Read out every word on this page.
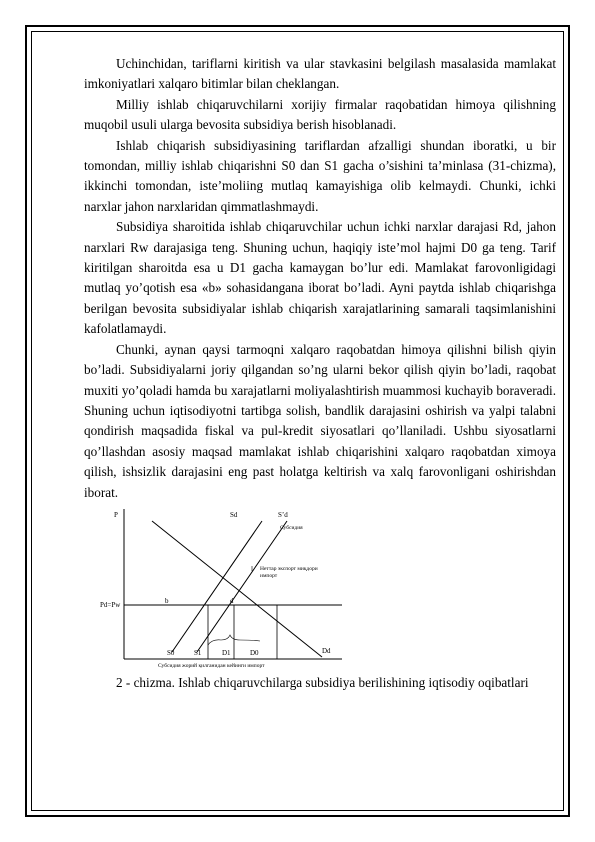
Uchinchidan, tariflarni kiritish va ular stavkasini belgilash masalasida mamlakat imkoniyatlari xalqaro bitimlar bilan cheklangan.

Milliy ishlab chiqaruvchilarni xorijiy firmalar raqobatidan himoya qilishning muqobil usuli ularga bevosita subsidiya berish hisoblanadi.

Ishlab chiqarish subsidiyasining tariflardan afzalligi shundan iboratki, u bir tomondan, milliy ishlab chiqarishni S0 dan S1 gacha o’sishini ta’minlasa (31-chizma), ikkinchi tomondan, iste’moliing mutlaq kamayishiga olib kelmaydi. Chunki, ichki narxlar jahon narxlaridan qimmatlashmaydi.

Subsidiya sharoitida ishlab chiqaruvchilar uchun ichki narxlar darajasi Rd, jahon narxlari Rw darajasiga teng. Shuning uchun, haqiqiy iste’mol hajmi D0 ga teng. Tarif kiritilgan sharoitda esa u D1 gacha kamaygan bo’lur edi. Mamlakat farovonligidagi mutlaq yo’qotish esa «b» sohasidangana iborat bo’ladi. Ayni paytda ishlab chiqarishga berilgan bevosita subsidiyalar ishlab chiqarish xarajatlarining samarali taqsimlanishini kafolatlamaydi.

Chunki, aynan qaysi tarmoqni xalqaro raqobatdan himoya qilishni bilish qiyin bo’ladi. Subsidiyalarni joriy qilgandan so’ng ularni bekor qilish qiyin bo’ladi, raqobat muxiti yo’qoladi hamda bu xarajatlarni moliyalashtirish muammosi kuchayib boraveradi. Shuning uchun iqtisodiyotni tartibga solish, bandlik darajasini oshirish va yalpi talabni qondirish maqsadida fiskal va pul-kredit siyosatlari qo’llaniladi. Ushbu siyosatlarni qo’llashdan asosiy maqsad mamlakat ishlab chiqarishini xalqaro raqobatdan ximoya qilish, ishsizlik darajasini eng past holatga keltirish va xalq farovonligani oshirishdan iborat.

P
Pd=Pw
Sd	S’d
Субсидия
Dd
b	d
Неттар экспорт миқдори
импорт
S0	S1	D1	D0
Субсидия жорий қилганидан кейинги импорт

2 - chizma. Ishlab chiqaruvchilarga subsidiya berilishining iqtisodiy oqibatlari
